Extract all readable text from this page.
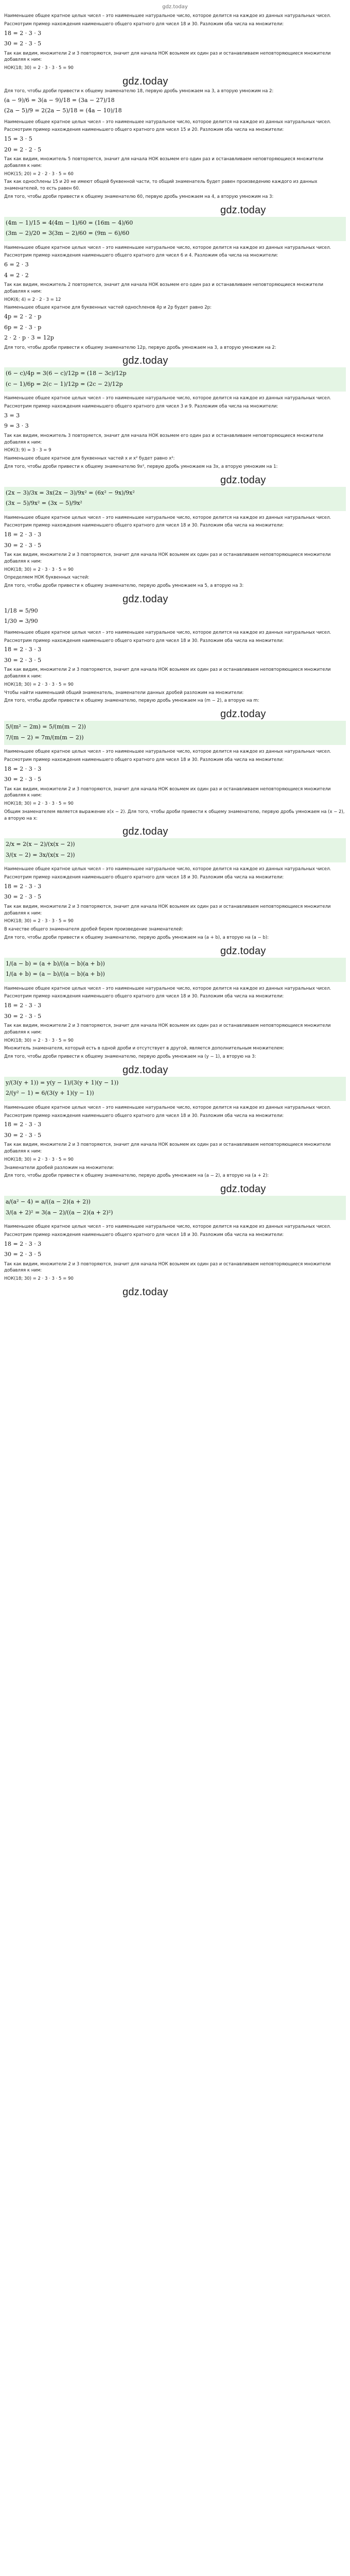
gdz.today
Наименьшее общее кратное целых чисел – это наименьшее натуральное число, которое делится на каждое из данных натуральных чисел.
Рассмотрим пример нахождения наименьшего общего кратного для чисел 18 и 30. Разложим оба числа на множители:
18 = 2 · 3 · 3
30 = 2 · 3 · 5
Так как видим, множители 2 и 3 повторяются, значит для начала НОК возьмем их один раз и останавливаем неповторяющиеся множители добавляя к ним:
НОК(18; 30) = 2 · 3 · 3 · 5 = 90
gdz.today
Для того, чтобы дроби привести к общему знаменателю 18, первую дробь умножаем на 3, а вторую умножим на 2:
(a − 9)/6 = 3(a − 9)/18 = (3a − 27)/18
(2a − 5)/9 = 2(2a − 5)/18 = (4a − 10)/18
Наименьшее общее кратное целых чисел – это наименьшее натуральное число, которое делится на каждое из данных натуральных чисел.
Рассмотрим пример нахождения наименьшего общего кратного для чисел 15 и 20. Разложим оба числа на множители:
15 = 3 · 5
20 = 2 · 2 · 5
Так как видим, множитель 5 повторяется, значит для начала НОК возьмем его один раз и останавливаем неповторяющиеся множители добавляя к ним:
НОК(15; 20) = 2 · 2 · 3 · 5 = 60
Так как однochлены 15 и 20 не имеют общей буквенной части, то общий знаменатель будет равен произведению каждого из данных знаменателей, то есть равен 60.
Для того, чтобы дроби привести к общему знаменателю 60, первую дробь умножаем на 4, а вторую умножим на 3:
gdz.today
(4m − 1)/15 = 4(4m − 1)/60 = (16m − 4)/60
(3m − 2)/20 = 3(3m − 2)/60 = (9m − 6)/60
Наименьшее общее кратное целых чисел – это наименьшее натуральное число, которое делится на каждое из данных натуральных чисел.
Рассмотрим пример нахождения наименьшего общего кратного для чисел 6 и 4. Разложим оба числа на множители:
6 = 2 · 3
4 = 2 · 2
Так как видим, множитель 2 повторяется, значит для начала НОК возьмем его один раз и останавливаем неповторяющиеся множители добавляя к ним:
НОК(6; 4) = 2 · 2 · 3 = 12
Наименьшее общее кратное для буквенных частей однochленов 4p и 2p будет равно 2p:
4p = 2 · 2 · p
6p = 2 · 3 · p
2 · 2 · p · 3 = 12p
Для того, чтобы дроби привести к общему знаменателю 12p, первую дробь умножаем на 3, а вторую умножим на 2:
gdz.today
(6 − c)/4p = 3(6 − c)/12p = (18 − 3c)/12p
(c − 1)/6p = 2(c − 1)/12p = (2c − 2)/12p
Наименьшее общее кратное целых чисел – это наименьшее натуральное число, которое делится на каждое из данных натуральных чисел.
Рассмотрим пример нахождения наименьшего общего кратного для чисел 3 и 9. Разложим оба числа на множители:
3 = 3
9 = 3 · 3
Так как видим, множитель 3 повторяется, значит для начала НОК возьмем его один раз и останавливаем неповторяющиеся множители добавляя к ним:
НОК(3; 9) = 3 · 3 = 9
Наименьшее общее кратное для буквенных частей x и x² будет равно x²:
Для того, чтобы дроби привести к общему знаменателю 9x², первую дробь умножаем на 3x, а вторую умножим на 1:
gdz.today
(2x − 3)/3x = 3x(2x − 3)/9x² = (6x² − 9x)/9x²
(3x − 5)/9x² = (3x − 5)/9x²
Наименьшее общее кратное целых чисел – это наименьшее натуральное число, которое делится на каждое из данных натуральных чисел.
Рассмотрим пример нахождения наименьшего общего кратного для чисел 18 и 30. Разложим оба числа на множители:
18 = 2 · 3 · 3
30 = 2 · 3 · 5
Так как видим, множители 2 и 3 повторяются, значит для начала НОК возьмем их один раз и останавливаем неповторяющиеся множители добавляя к ним:
НОК(18; 30) = 2 · 3 · 3 · 5 = 90
Определяем НОК буквенных частей:
Для того, чтобы дроби привести к общему знаменателю, первую дробь умножаем на 5, а вторую на 3:
gdz.today
1/18 = 5/90
1/30 = 3/90
Наименьшее общее кратное целых чисел – это наименьшее натуральное число, которое делится на каждое из данных натуральных чисел.
Рассмотрим пример нахождения наименьшего общего кратного для чисел 18 и 30. Разложим оба числа на множители:
18 = 2 · 3 · 3
30 = 2 · 3 · 5
Так как видим, множители 2 и 3 повторяются, значит для начала НОК возьмем их один раз и останавливаем неповторяющиеся множители добавляя к ним:
НОК(18; 30) = 2 · 3 · 3 · 5 = 90
Чтобы найти наименьший общий знаменатель, знаменатели данных дробей разложим на множители:
Для того, чтобы дроби привести к общему знаменателю, первую дробь умножаем на (m − 2), а вторую на m:
gdz.today
5/(m² − 2m) = 5/(m(m − 2))
7/(m − 2) = 7m/(m(m − 2))
Наименьшее общее кратное целых чисел – это наименьшее натуральное число, которое делится на каждое из данных натуральных чисел.
Рассмотрим пример нахождения наименьшего общего кратного для чисел 18 и 30. Разложим оба числа на множители:
18 = 2 · 3 · 3
30 = 2 · 3 · 5
Так как видим, множители 2 и 3 повторяются, значит для начала НОК возьмем их один раз и останавливаем неповторяющиеся множители добавляя к ним:
НОК(18; 30) = 2 · 3 · 3 · 5 = 90
Общим знаменателем является выражение x(x − 2). Для того, чтобы дроби привести к общему знаменателю, первую дробь умножаем на (x − 2), а вторую на x:
gdz.today
2/x = 2(x − 2)/(x(x − 2))
3/(x − 2) = 3x/(x(x − 2))
Наименьшее общее кратное целых чисел – это наименьшее натуральное число, которое делится на каждое из данных натуральных чисел.
Рассмотрим пример нахождения наименьшего общего кратного для чисел 18 и 30. Разложим оба числа на множители:
18 = 2 · 3 · 3
30 = 2 · 3 · 5
Так как видим, множители 2 и 3 повторяются, значит для начала НОК возьмем их один раз и останавливаем неповторяющиеся множители добавляя к ним:
НОК(18; 30) = 2 · 3 · 3 · 5 = 90
В качестве общего знаменателя дробей берем произведение знаменателей:
Для того, чтобы дроби привести к общему знаменателю, первую дробь умножаем на (a + b), а вторую на (a − b):
gdz.today
1/(a − b) = (a + b)/((a − b)(a + b))
1/(a + b) = (a − b)/((a − b)(a + b))
Наименьшее общее кратное целых чисел – это наименьшее натуральное число, которое делится на каждое из данных натуральных чисел.
Рассмотрим пример нахождения наименьшего общего кратного для чисел 18 и 30. Разложим оба числа на множители:
18 = 2 · 3 · 3
30 = 2 · 3 · 5
Так как видим, множители 2 и 3 повторяются, значит для начала НОК возьмем их один раз и останавливаем неповторяющиеся множители добавляя к ним:
НОК(18; 30) = 2 · 3 · 3 · 5 = 90
Множитель знаменателя, который есть в одной дроби и отсутствует в другой, является дополнительным множителем:
Для того, чтобы дроби привести к общему знаменателю, первую дробь умножаем на (y − 1), а вторую на 3:
gdz.today
y/(3(y + 1)) = y(y − 1)/(3(y + 1)(y − 1))
2/(y² − 1) = 6/(3(y + 1)(y − 1))
Наименьшее общее кратное целых чисел – это наименьшее натуральное число, которое делится на каждое из данных натуральных чисел.
Рассмотрим пример нахождения наименьшего общего кратного для чисел 18 и 30. Разложим оба числа на множители:
18 = 2 · 3 · 3
30 = 2 · 3 · 5
Так как видим, множители 2 и 3 повторяются, значит для начала НОК возьмем их один раз и останавливаем неповторяющиеся множители добавляя к ним:
НОК(18; 30) = 2 · 3 · 3 · 5 = 90
Знаменатели дробей разложим на множители:
Для того, чтобы дроби привести к общему знаменателю, первую дробь умножаем на (a − 2), а вторую на (a + 2):
gdz.today
a/(a² − 4) = a/((a − 2)(a + 2))
3/(a + 2)² = 3(a − 2)/((a − 2)(a + 2)²)
Наименьшее общее кратное целых чисел – это наименьшее натуральное число, которое делится на каждое из данных натуральных чисел.
Рассмотрим пример нахождения наименьшего общего кратного для чисел 18 и 30. Разложим оба числа на множители:
18 = 2 · 3 · 3
30 = 2 · 3 · 5
Так как видим, множители 2 и 3 повторяются, значит для начала НОК возьмем их один раз и останавливаем неповторяющиеся множители добавляя к ним:
НОК(18; 30) = 2 · 3 · 3 · 5 = 90
gdz.today
